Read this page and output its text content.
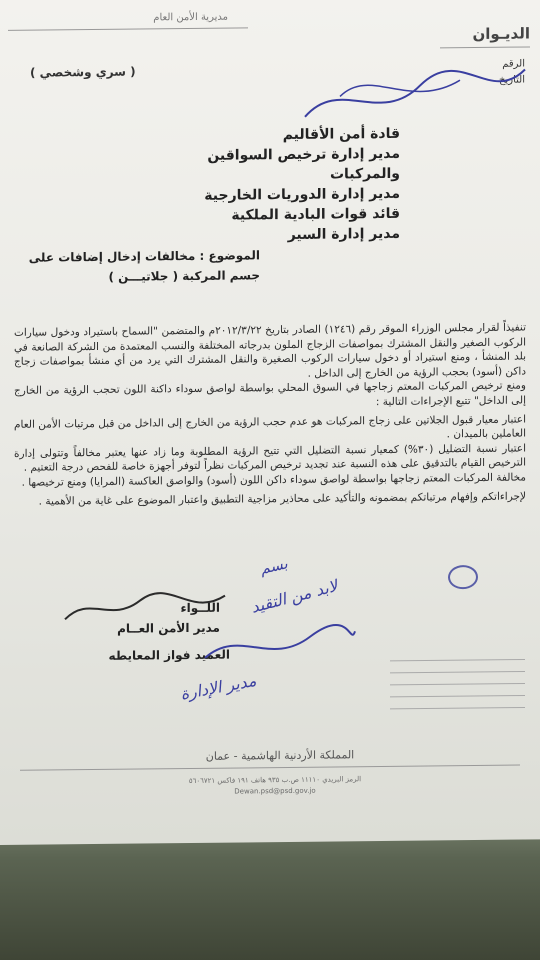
مديرية الأمن العام
الديـوان
( سري وشخصي )
الرقم
التاريخ
قادة أمن الأقاليم
مدير إدارة ترخيص السواقين والمركبات
مدير إدارة الدوريات الخارجية
قائد قوات البادية الملكية
مدير إدارة السير
الموضوع : مخالفات إدخال إضافات على
جسم المركبة ( جلاتيـــن )
تنفيذاً لقرار مجلس الوزراء الموقر رقم (١٢٤٦) الصادر بتاريخ ٢٠١٢/٣/٢٢م والمتضمن "السماح باستيراد ودخول سيارات الركوب الصغير والنقل المشترك بمواصفات الزجاج الملون بدرجاته المختلفة والنسب المعتمدة من الشركة الصانعة في بلد المنشأ ، ومنع استيراد أو دخول سيارات الركوب الصغيرة والنقل المشترك التي يرد من أي منشأ بمواصفات زجاج داكن (أسود) بحجب الرؤية من الخارج إلى الداخل .
ومنع ترخيص المركبات المعتم زجاجها في السوق المحلي بواسطة لواصق سوداء داكنة اللون تحجب الرؤية من الخارج إلى الداخل" تتبع الإجراءات التالية :
اعتبار معيار قبول الجلاتين على زجاج المركبات هو عدم حجب الرؤية من الخارج إلى الداخل من قبل مرتبات الأمن العام العاملين بالميدان .
اعتبار نسبة التضليل (٣٠%) كمعيار نسبة التضليل التي تتيح الرؤية المطلوبة وما زاد عنها يعتبر مخالفاً وتتولى إدارة الترخيص القيام بالتدقيق على هذه النسبة عند تجديد ترخيص المركبات نظراً لتوفر أجهزة خاصة للفحص درجة التعتيم .
مخالفة المركبات المعتم زجاجها بواسطة لواصق سوداء داكن اللون (أسود) والواصق العاكسة (المرايا) ومنع ترخيصها .
لإجراءاتكم وإفهام مرتباتكم بمضمونه والتأكيد على محاذير مزاجية التطبيق واعتبار الموضوع على غاية من الأهمية .
اللــواء
مدير الأمن العــام
العميد فواز المعايطه
بسم
لابد من التقيد
مدير الإدارة
المملكة الأردنية الهاشمية - عمان
الرمز البريدي ١١١١٠ ص.ب ٩٣٥ هاتف ١٩١ فاكس ٥٦٠٦٧٢١
Dewan.psd@psd.gov.jo
